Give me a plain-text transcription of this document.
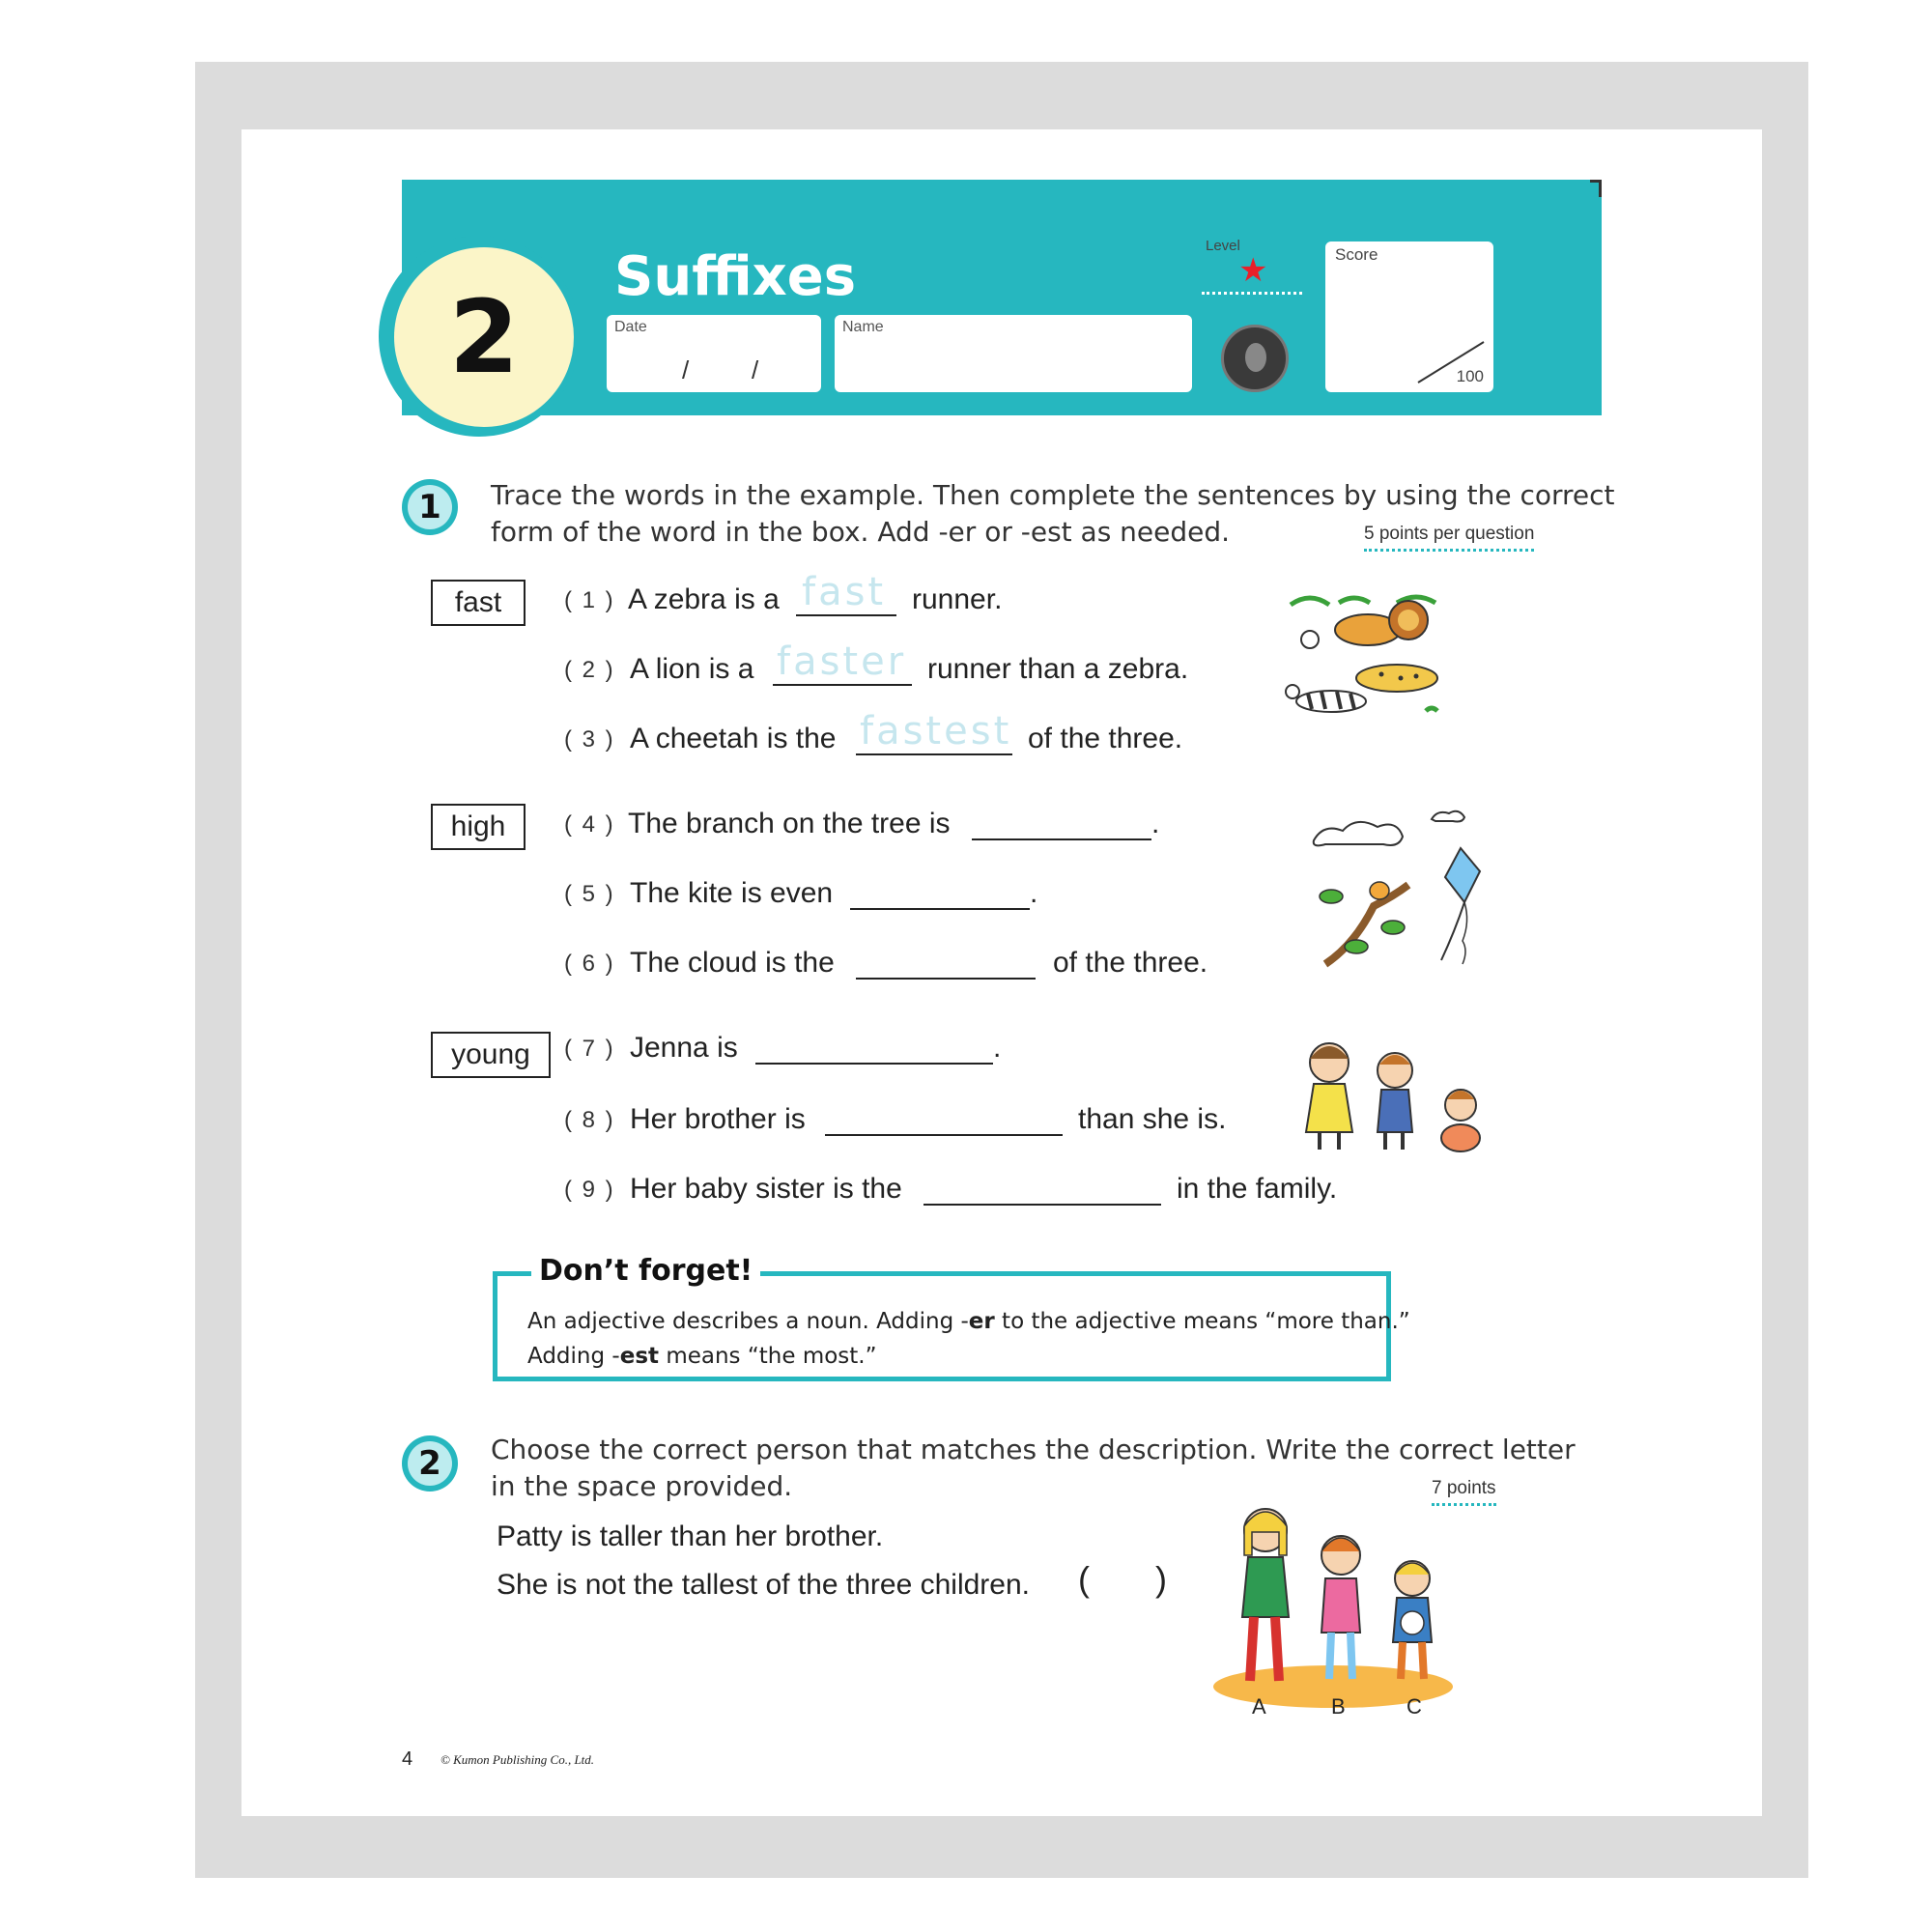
2
Suffixes
Date
/ /
Name
Level
★	Score
100
1	Trace the words in the example. Then complete the sentences by using the correct
form of the word in the box. Add -er or -est as needed.	5 points per question
fast	( 1 ) A zebra is a fast runner.
( 2 ) A lion is a faster runner than a zebra.
( 3 ) A cheetah is the fastest of the three.
high	( 4 ) The branch on the tree is	.
( 5 ) The kite is even	.
( 6 ) The cloud is the	of the three.
young	( 7 ) Jenna is	.
( 8 ) Her brother is	than she is.
( 9 ) Her baby sister is the	in the family.
Don’t forget!
An adjective describes a noun. Adding -er to the adjective means “more than.”
Adding -est means “the most.”
2	Choose the correct person that matches the description. Write the correct letter
in the space provided.	7 points
Patty is taller than her brother.
She is not the tallest of the three children. ( )
A	B	C
4 © Kumon Publishing Co., Ltd.
